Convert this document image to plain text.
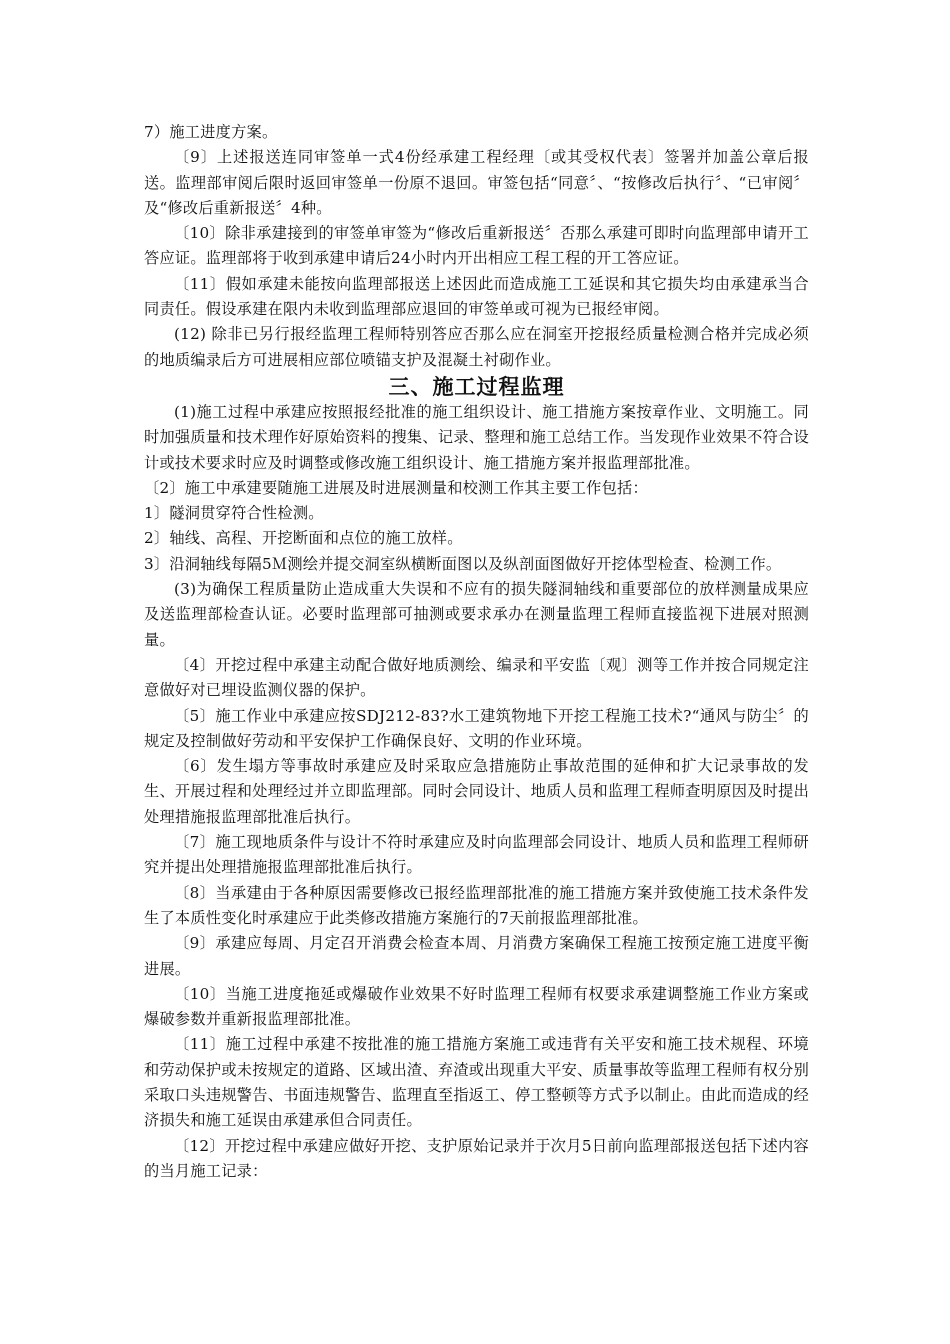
7）施工进度方案。

〔9〕上述报送连同审签单一式4份经承建工程经理〔或其受权代表〕签署并加盖公章后报送。监理部审阅后限时返回审签单一份原不退回。审签包括“同意〞、“按修改后执行〞、“已审阅〞及“修改后重新报送〞4种。

〔10〕除非承建接到的审签单审签为“修改后重新报送〞否那么承建可即时向监理部申请开工答应证。监理部将于收到承建申请后24小时内开出相应工程工程的开工答应证。

〔11〕假如承建未能按向监理部报送上述因此而造成施工工延误和其它损失均由承建承当合同责任。假设承建在限内未收到监理部应退回的审签单或可视为已报经审阅。

(12) 除非已另行报经监理工程师特别答应否那么应在洞室开挖报经质量检测合格并完成必须的地质编录后方可进展相应部位喷锚支护及混凝土衬砌作业。

三、施工过程监理

(1)施工过程中承建应按照报经批准的施工组织设计、施工措施方案按章作业、文明施工。同时加强质量和技术理作好原始资料的搜集、记录、整理和施工总结工作。当发现作业效果不符合设计或技术要求时应及时调整或修改施工组织设计、施工措施方案并报监理部批准。

〔2〕施工中承建要随施工进展及时进展测量和校测工作其主要工作包括：

1〕隧洞贯穿符合性检测。

2〕轴线、高程、开挖断面和点位的施工放样。

3〕沿洞轴线每隔5Ｍ测绘并提交洞室纵横断面图以及纵剖面图做好开挖体型检查、检测工作。

(3)为确保工程质量防止造成重大失误和不应有的损失隧洞轴线和重要部位的放样测量成果应及送监理部检查认证。必要时监理部可抽测或要求承办在测量监理工程师直接监视下进展对照测量。

〔4〕开挖过程中承建主动配合做好地质测绘、编录和平安监〔观〕测等工作并按合同规定注意做好对已埋设监测仪器的保护。

〔5〕施工作业中承建应按SDJ212-83?水工建筑物地下开挖工程施工技术?“通风与防尘〞的规定及控制做好劳动和平安保护工作确保良好、文明的作业环境。

〔6〕发生塌方等事故时承建应及时采取应急措施防止事故范围的延伸和扩大记录事故的发生、开展过程和处理经过并立即监理部。同时会同设计、地质人员和监理工程师查明原因及时提出处理措施报监理部批准后执行。

〔7〕施工现地质条件与设计不符时承建应及时向监理部会同设计、地质人员和监理工程师研究并提出处理措施报监理部批准后执行。

〔8〕当承建由于各种原因需要修改已报经监理部批准的施工措施方案并致使施工技术条件发生了本质性变化时承建应于此类修改措施方案施行的7天前报监理部批准。

〔9〕承建应每周、月定召开消费会检查本周、月消费方案确保工程施工按预定施工进度平衡进展。

〔10〕当施工进度拖延或爆破作业效果不好时监理工程师有权要求承建调整施工作业方案或爆破参数并重新报监理部批准。

〔11〕施工过程中承建不按批准的施工措施方案施工或违背有关平安和施工技术规程、环境和劳动保护或未按规定的道路、区域出渣、弃渣或出现重大平安、质量事故等监理工程师有权分别采取口头违规警告、书面违规警告、监理直至指返工、停工整顿等方式予以制止。由此而造成的经济损失和施工延误由承建承但合同责任。

〔12〕开挖过程中承建应做好开挖、支护原始记录并于次月5日前向监理部报送包括下述内容的当月施工记录：
